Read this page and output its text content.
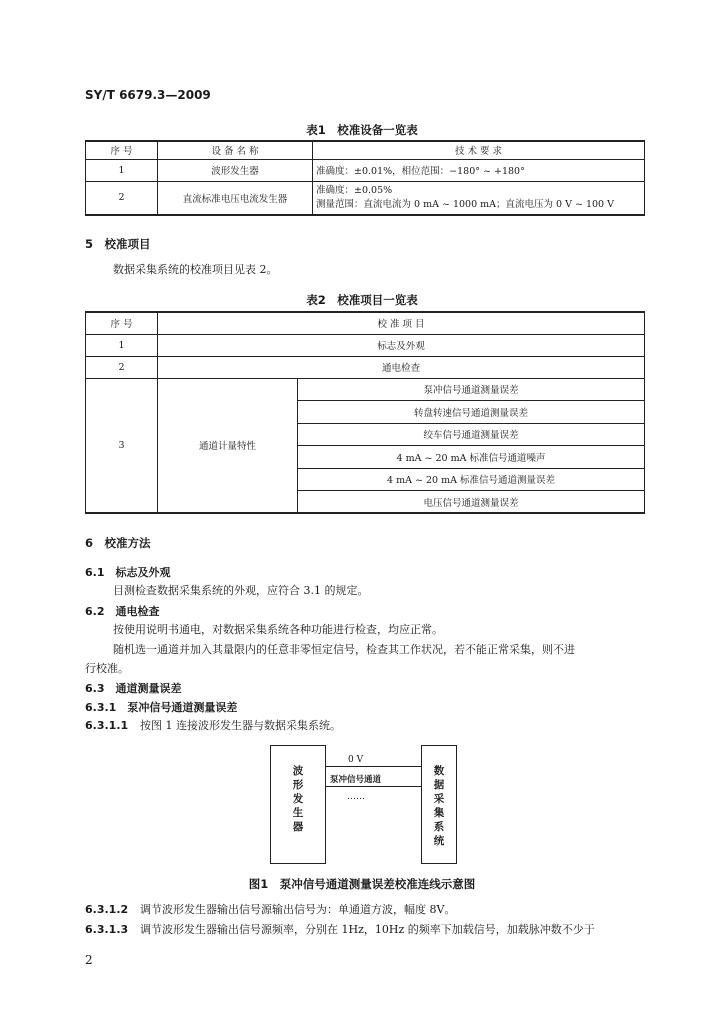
SY/T 6679.3—2009
表1　校准设备一览表
序 号	设 备 名 称	技 术 要 求
1	波形发生器	准确度：±0.01%，相位范围：−180° ~ +180°
2	直流标准电压电流发生器	准确度：±0.05%
测量范围：直流电流为 0 mA ~ 1000 mA；直流电压为 0 V ~ 100 V
5　校准项目
数据采集系统的校准项目见表 2。
表2　校准项目一览表
序 号	校 准 项 目	
1	标志及外观	
2	通电检查	
3	通道计量特性	泵冲信号通道测量误差
		转盘转速信号通道测量误差
		绞车信号通道测量误差
		4 mA ~ 20 mA 标准信号通道噪声
		4 mA ~ 20 mA 标准信号通道测量误差
		电压信号通道测量误差
6　校准方法
6.1　标志及外观
目测检查数据采集系统的外观，应符合 3.1 的规定。
6.2　通电检查
按使用说明书通电，对数据采集系统各种功能进行检查，均应正常。
随机选一通道并加入其量限内的任意非零恒定信号，检查其工作状况，若不能正常采集，则不进
行校准。
6.3　通道测量误差
6.3.1　泵冲信号通道测量误差
6.3.1.1 按图 1 连接波形发生器与数据采集系统。
波形发生器
数据采集系统
0 V
泵冲信号通道
……
图1　泵冲信号通道测量误差校准连线示意图
6.3.1.2 调节波形发生器输出信号源输出信号为：单通道方波，幅度 8V。
6.3.1.3 调节波形发生器输出信号源频率，分别在 1Hz，10Hz 的频率下加载信号，加载脉冲数不少于
2
